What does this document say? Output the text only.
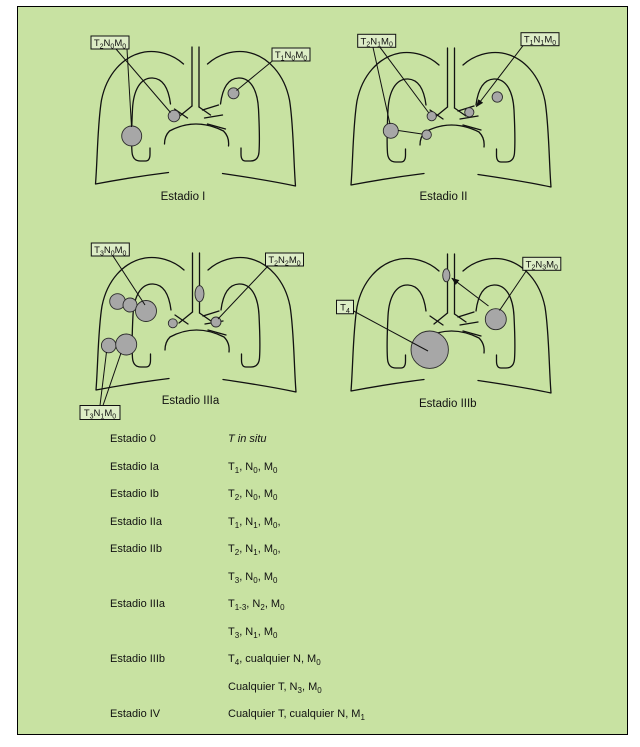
$T_2N_0M_0$
$T_1N_0M_0$
Estadio I
$T_2N_1M_0$	$T_1N_1M_0$
Estadio II
$T_3N_0M_0$
$T_2N_2M_0$
$T_3N_1M_0$
Estadio IIIa
$T_4$
$T_2N_3M_0$
Estadio IIIb
Estadio 0	T in situ
Estadio Ia	$T_1$, $N_0$, $M_0$
Estadio Ib	$T_2$, $N_0$, $M_0$
Estadio IIa	$T_1$, $N_1$, $M_0$,
Estadio IIb	$T_2$, $N_1$, $M_0$,
$T_3$, $N_0$, $M_0$
Estadio IIIa	$T_{1-3}$, $N_2$, $M_0$
$T_3$, $N_1$, $M_0$
Estadio IIIb	$T_4$, cualquier N, $M_0$
Cualquier T, $N_3$, $M_0$
Estadio IV	Cualquier T, cualquier N, $M_1$
